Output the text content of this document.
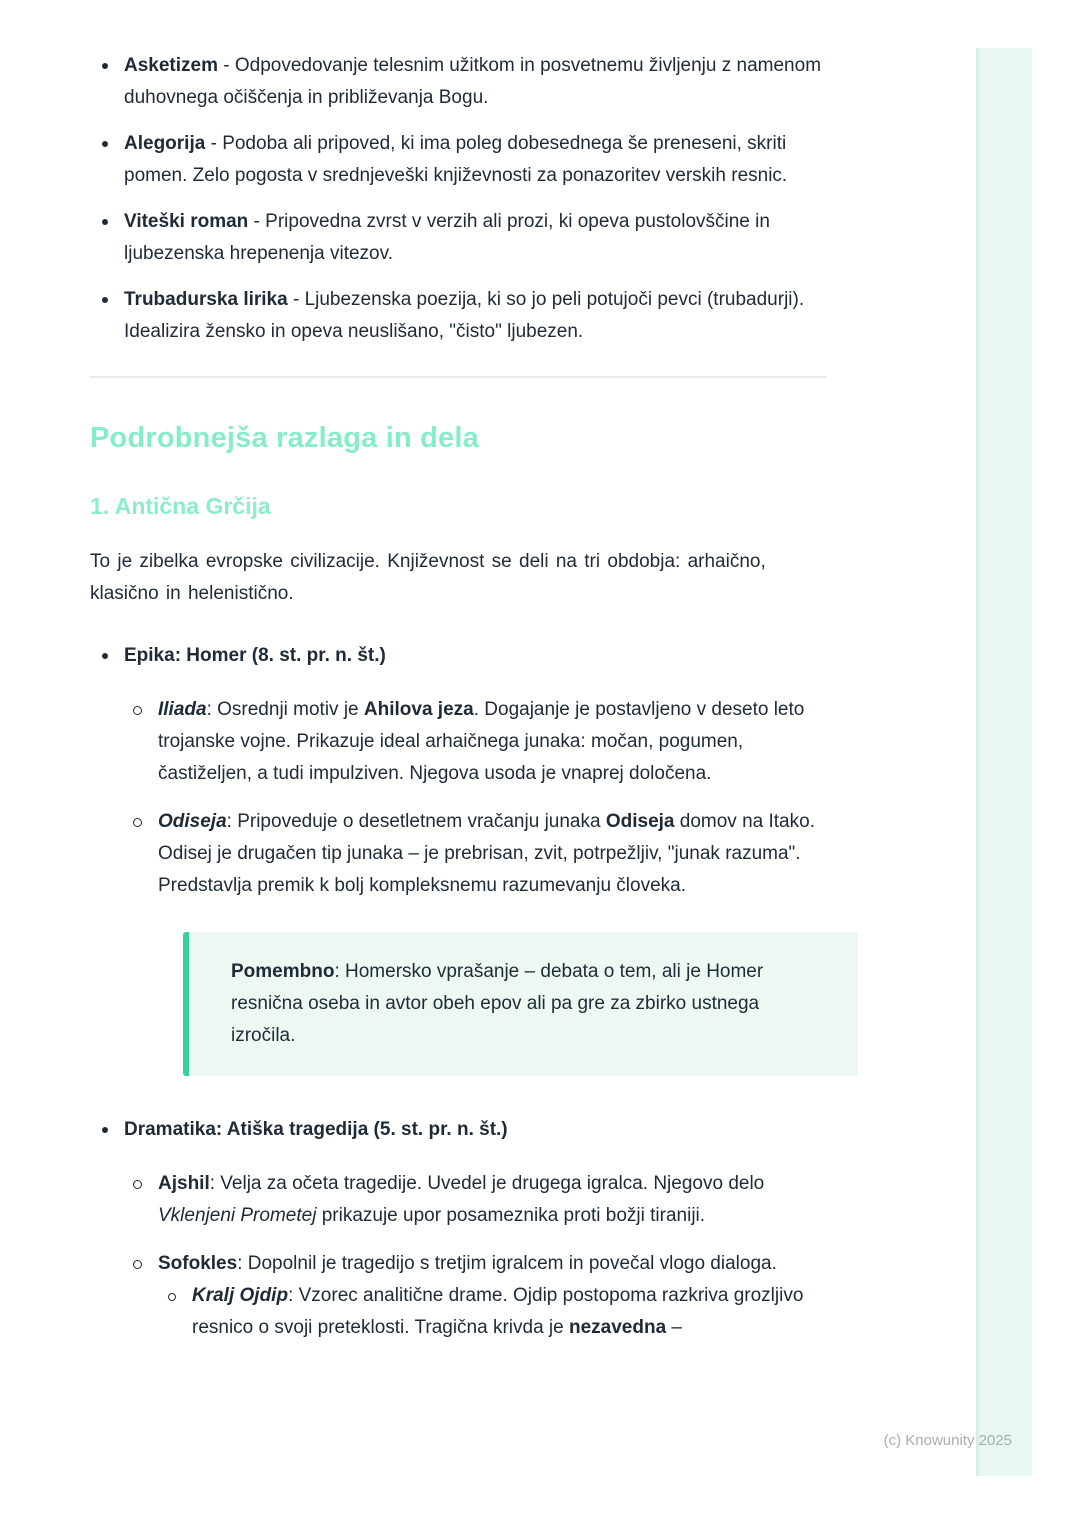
Asketizem - Odpovedovanje telesnim užitkom in posvetnemu življenju z namenom duhovnega očiščenja in približevanja Bogu.
Alegorija - Podoba ali pripoved, ki ima poleg dobesednega še preneseni, skriti pomen. Zelo pogosta v srednjeveški književnosti za ponazoritev verskih resnic.
Viteški roman - Pripovedna zvrst v verzih ali prozi, ki opeva pustolovščine in ljubezenska hrepenenja vitezov.
Trubadurska lirika - Ljubezenska poezija, ki so jo peli potujoči pevci (trubadurji). Idealizira žensko in opeva neuslišano, "čisto" ljubezen.
Podrobnejša razlaga in dela
1. Antična Grčija

To je zibelka evropske civilizacije. Književnost se deli na tri obdobja: arhaično, klasično in helenistično.

Epika: Homer (8. st. pr. n. št.)
Iliada: Osrednji motiv je Ahilova jeza. Dogajanje je postavljeno v deseto leto trojanske vojne. Prikazuje ideal arhaičnega junaka: močan, pogumen, častiželjen, a tudi impulziven. Njegova usoda je vnaprej določena.
Odiseja: Pripoveduje o desetletnem vračanju junaka Odiseja domov na Itako. Odisej je drugačen tip junaka – je prebrisan, zvit, potrpežljiv, "junak razuma". Predstavlja premik k bolj kompleksnemu razumevanju človeka.
Pomembno: Homersko vprašanje – debata o tem, ali je Homer resnična oseba in avtor obeh epov ali pa gre za zbirko ustnega izročila.
Dramatika: Atiška tragedija (5. st. pr. n. št.)
Ajshil: Velja za očeta tragedije. Uvedel je drugega igralca. Njegovo delo Vklenjeni Prometej prikazuje upor posameznika proti božji tiraniji.
Sofokles: Dopolnil je tragedijo s tretjim igralcem in povečal vlogo dialoga.
Kralj Ojdip: Vzorec analitične drame. Ojdip postopoma razkriva grozljivo resnico o svoji preteklosti. Tragična krivda je nezavedna –
(c) Knowunity 2025
